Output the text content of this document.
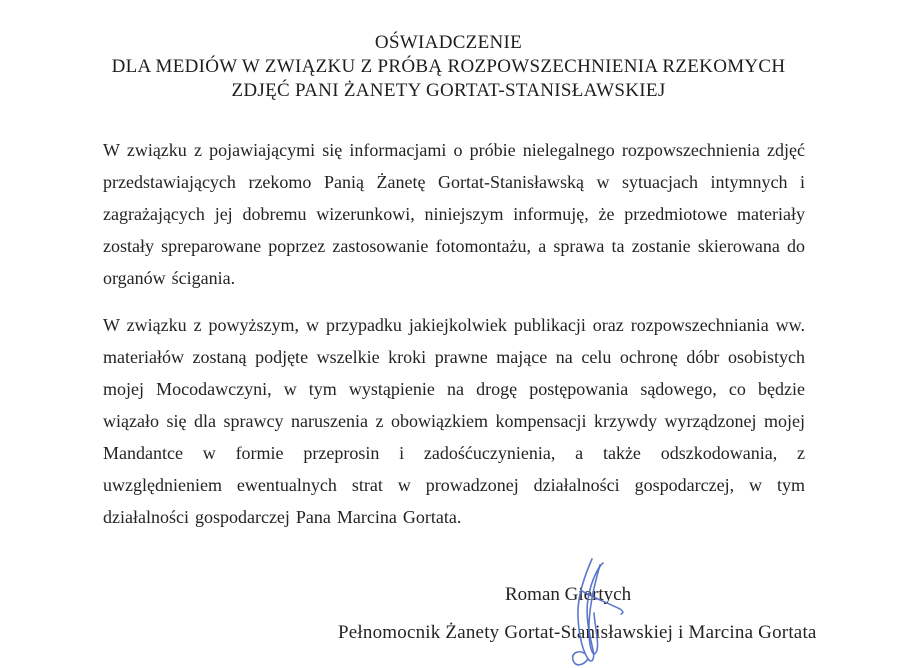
OŚWIADCZENIE
DLA MEDIÓW W ZWIĄZKU Z PRÓBĄ ROZPOWSZECHNIENIA RZEKOMYCH
ZDJĘĆ PANI ŻANETY GORTAT-STANISŁAWSKIEJ

W związku z pojawiającymi się informacjami o próbie nielegalnego rozpowszechnienia zdjęć przedstawiających rzekomo Panią Żanetę Gortat-Stanisławską w sytuacjach intymnych i zagrażających jej dobremu wizerunkowi, niniejszym informuję, że przedmiotowe materiały zostały spreparowane poprzez zastosowanie fotomontażu, a sprawa ta zostanie skierowana do organów ścigania.

W związku z powyższym, w przypadku jakiejkolwiek publikacji oraz rozpowszechniania ww. materiałów zostaną podjęte wszelkie kroki prawne mające na celu ochronę dóbr osobistych mojej Mocodawczyni, w tym wystąpienie na drogę postępowania sądowego, co będzie wiązało się dla sprawcy naruszenia z obowiązkiem kompensacji krzywdy wyrządzonej mojej Mandantce w formie przeprosin i zadośćuczynienia, a także odszkodowania, z uwzględnieniem ewentualnych strat w prowadzonej działalności gospodarczej, w tym działalności gospodarczej Pana Marcina Gortata.

Roman Giertych
Pełnomocnik Żanety Gortat-Stanisławskiej i Marcina Gortata
